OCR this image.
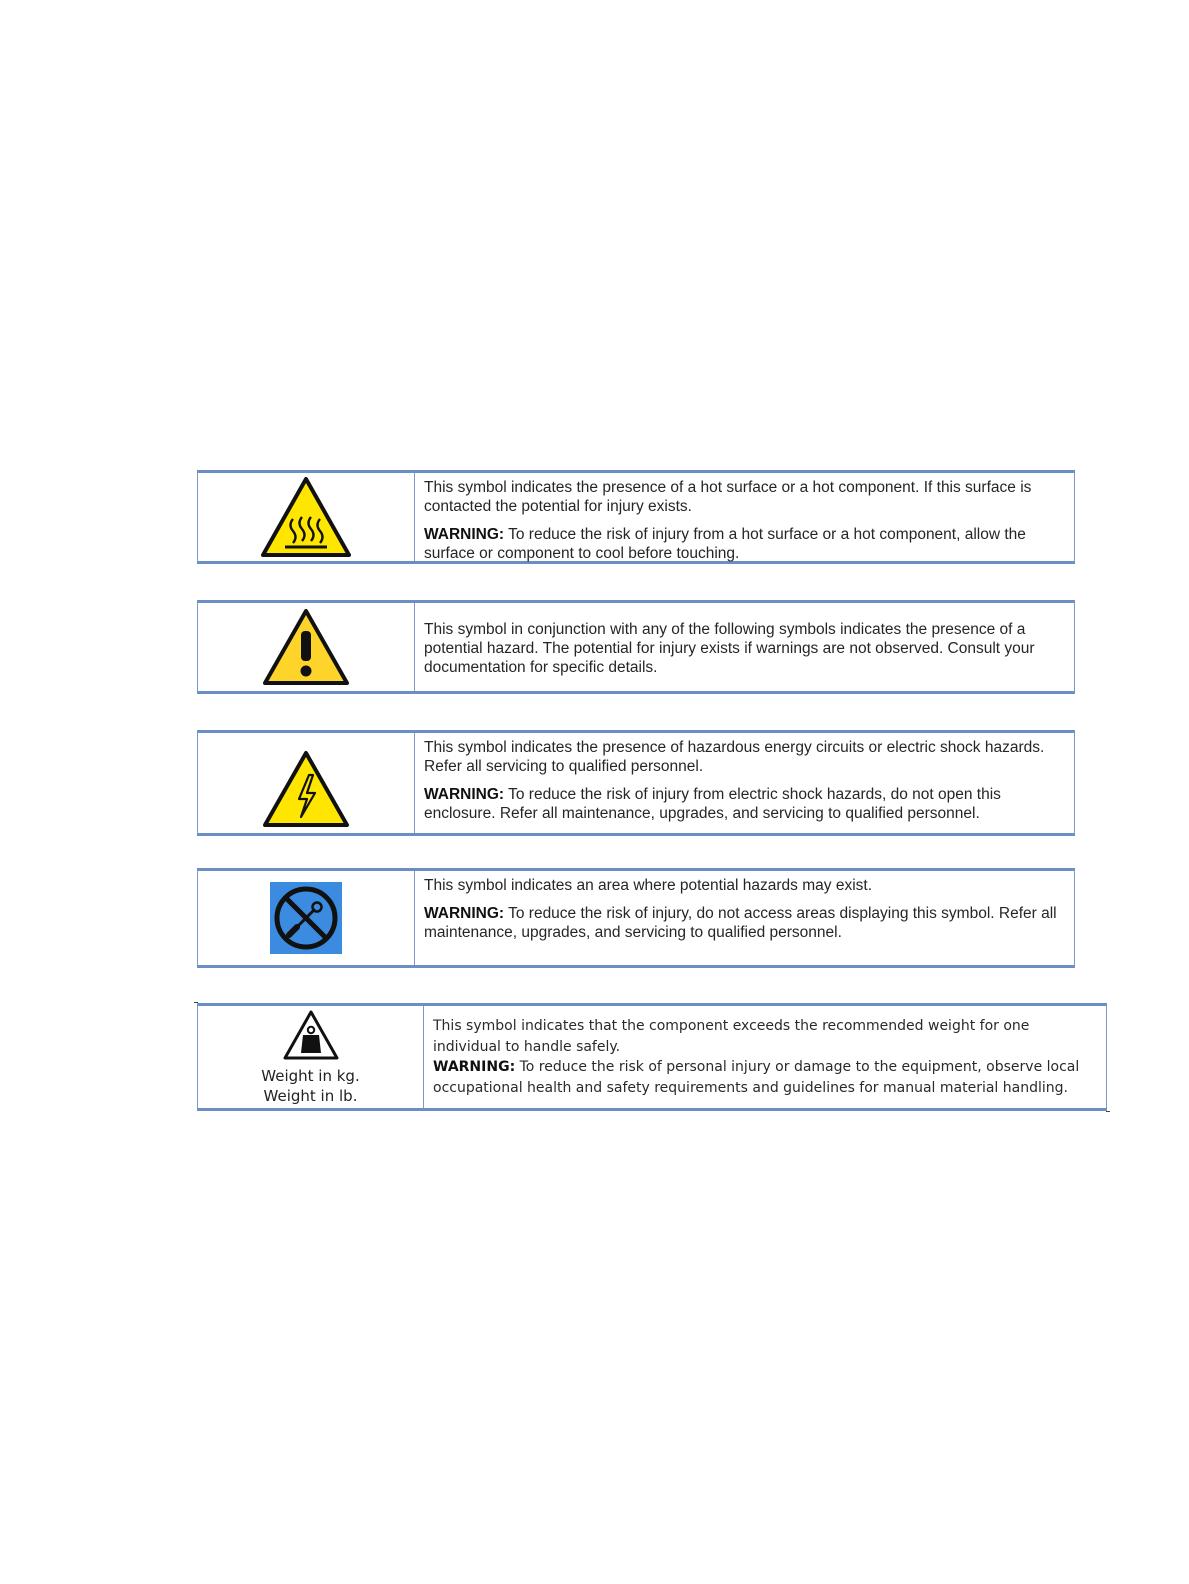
This symbol indicates the presence of a hot surface or a hot component. If this surface is contacted the potential for injury exists.

WARNING: To reduce the risk of injury from a hot surface or a hot component, allow the surface or component to cool before touching.

This symbol in conjunction with any of the following symbols indicates the presence of a potential hazard. The potential for injury exists if warnings are not observed. Consult your documentation for specific details.

This symbol indicates the presence of hazardous energy circuits or electric shock hazards. Refer all servicing to qualified personnel.

WARNING: To reduce the risk of injury from electric shock hazards, do not open this enclosure. Refer all maintenance, upgrades, and servicing to qualified personnel.

This symbol indicates an area where potential hazards may exist.

WARNING: To reduce the risk of injury, do not access areas displaying this symbol. Refer all maintenance, upgrades, and servicing to qualified personnel.

Weight in kg.
Weight in lb.

This symbol indicates that the component exceeds the recommended weight for one individual to handle safely.

WARNING: To reduce the risk of personal injury or damage to the equipment, observe local occupational health and safety requirements and guidelines for manual material handling.
